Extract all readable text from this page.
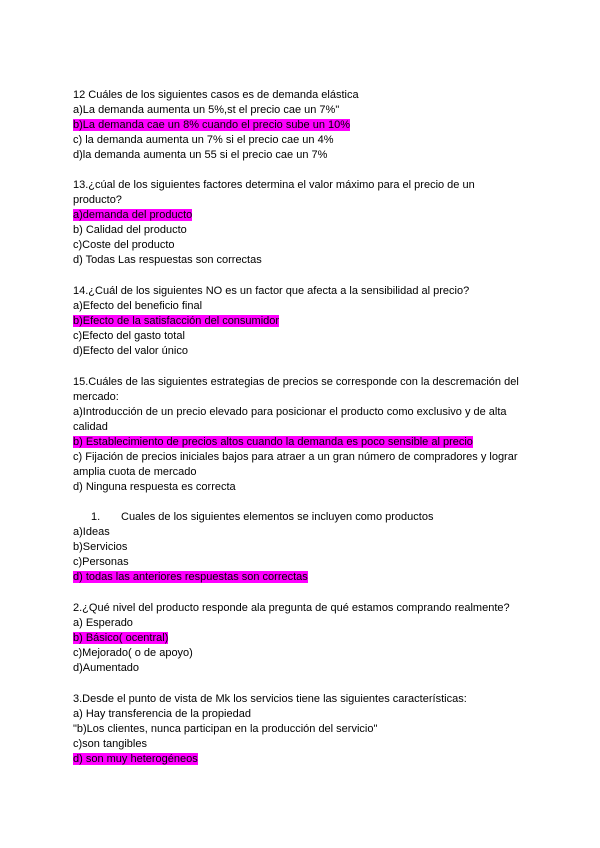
12 Cuáles de los siguientes casos es de demanda elástica
a)La demanda aumenta un 5%,st el precio cae un 7%"
b)La demanda cae un 8% cuando el precio sube un 10%
c) la demanda aumenta un 7% si el precio cae un 4%
d)la demanda aumenta un 55 si el precio cae un 7%
13.¿cúal de los siguientes factores determina el valor máximo para el precio de un
producto?
a)demanda del producto
b) Calidad del producto
c)Coste del producto
d) Todas Las respuestas son correctas
14.¿Cuál de los siguientes NO es un factor que afecta a la sensibilidad al precio?
a)Efecto del beneficio final
b)Efecto de la satisfacción del consumidor
c)Efecto del gasto total
d)Efecto del valor único
15.Cuáles de las siguientes estrategias de precios se corresponde con la descremación del
mercado:
a)Introducción de un precio elevado para posicionar el producto como exclusivo y de alta
calidad
b) Establecimiento de precios altos cuando la demanda es poco sensible al precio
c) Fijación de precios iniciales bajos para atraer a un gran número de compradores y lograr
amplia cuota de mercado
d) Ninguna respuesta es correcta
1. Cuales de los siguientes elementos se incluyen como productos
a)Ideas
b)Servicios
c)Personas
d) todas las anteriores respuestas son correctas
2.¿Qué nivel del producto responde ala pregunta de qué estamos comprando realmente?
a) Esperado
b) Básico( ocentral)
c)Mejorado( o de apoyo)
d)Aumentado
3.Desde el punto de vista de Mk los servicios tiene las siguientes características:
a) Hay transferencia de la propiedad
"b)Los clientes, nunca participan en la producción del servicio"
c)son tangibles
d) son muy heterogéneos
